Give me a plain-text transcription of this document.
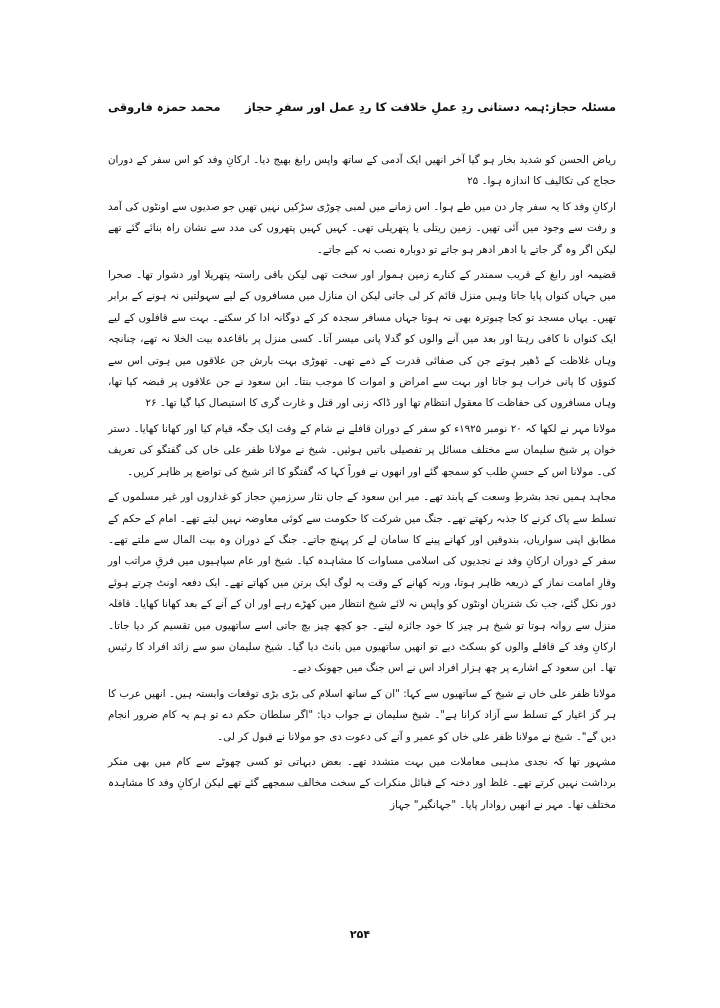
مسئلہ حجاز:ہمہ دستانی ردِ عملِ خلافت کا ردِ عمل اور سفرِ حجاز
محمد حمزہ فاروقی

ریاض الحسن کو شدید بخار ہو گیا آخر انھیں ایک آدمی کے ساتھ واپس رابغ بھیج دیا۔ ارکانِ وفد کو اس سفر کے دوران حجاج کی تکالیف کا اندازہ ہوا۔ ۲۵

ارکانِ وفد کا یہ سفر چار دن میں طے ہوا۔ اس زمانے میں لمبی چوڑی سڑکیں نہیں تھیں جو صدیوں سے اونٹوں کی آمد و رفت سے وجود میں آئی تھیں۔ زمین ریتلی یا پتھریلی تھی۔ کہیں کہیں پتھروں کی مدد سے نشان راہ بنائے گئے تھے لیکن اگر وہ گر جاتے یا ادھر ادھر ہو جاتے تو دوبارہ نصب نہ کیے جاتے۔

قضیمہ اور رابغ کے قریب سمندر کے کنارے زمین ہموار اور سخت تھی لیکن باقی راستہ پتھریلا اور دشوار تھا۔ صحرا میں جہاں کنواں پایا جاتا وہیں منزل قائم کر لی جاتی لیکن ان منازل میں مسافروں کے لیے سہولتیں نہ ہونے کے برابر تھیں۔ یہاں مسجد تو کجا چبوترہ بھی نہ ہوتا جہاں مسافر سجدہ کر کے دوگانہ ادا کر سکتے۔ بہت سے قافلوں کے لیے ایک کنواں نا کافی رہتا اور بعد میں آنے والوں کو گدلا پانی میسر آتا۔ کسی منزل پر باقاعدہ بیت الخلا نہ تھے، چنانچہ وہاں غلاظت کے ڈھیر ہوتے جن کی صفائی قدرت کے ذمے تھی۔ تھوڑی بہت بارش جن علاقوں میں ہوتی اس سے کنوؤں کا پانی خراب ہو جاتا اور بہت سے امراض و اموات کا موجب بنتا۔ ابن سعود نے جن علاقوں پر قبضہ کیا تھا، وہاں مسافروں کی حفاظت کا معقول انتظام تھا اور ڈاکہ زنی اور قتل و غارت گری کا استیصال کیا گیا تھا۔ ۲۶

مولانا مہر نے لکھا کہ ۲۰ نومبر ۱۹۲۵ء کو سفر کے دوران قافلے نے شام کے وقت ایک جگہ قیام کیا اور کھانا کھایا۔ دستر خوان پر شیخ سلیمان سے مختلف مسائل پر تفصیلی باتیں ہوئیں۔ شیخ نے مولانا ظفر علی خاں کی گفتگو کی تعریف کی۔ مولانا اس کے حسنِ طلب کو سمجھ گئے اور انھوں نے فوراً کہا کہ گفتگو کا اثر شیخ کی تواضع پر ظاہر کریں۔

مجاہد ہمیں نجد بشرطِ وسعت کے پابند تھے۔ میر ابن سعود کے جاں نثار سرزمینِ حجاز کو غداروں اور غیر مسلموں کے تسلط سے پاک کرنے کا جذبہ رکھتے تھے۔ جنگ میں شرکت کا حکومت سے کوئی معاوضہ نہیں لیتے تھے۔ امام کے حکم کے مطابق اپنی سواریاں، بندوقیں اور کھانے پینے کا سامان لے کر پہنچ جاتے۔ جنگ کے دوران وہ بیت المال سے ملتے تھے۔ سفر کے دوران ارکانِ وفد نے نجدیوں کی اسلامی مساوات کا مشاہدہ کیا۔ شیخ اور عام سپاہیوں میں فرقِ مراتب اور وقارِ امامت نماز کے ذریعہ ظاہر ہوتا، ورنہ کھانے کے وقت یہ لوگ ایک برتن میں کھاتے تھے۔ ایک دفعہ اونٹ چرتے ہوئے دور نکل گئے، جب تک شتربان اونٹوں کو واپس نہ لائے شیخ انتظار میں کھڑے رہے اور ان کے آنے کے بعد کھانا کھایا۔ قافلہ منزل سے روانہ ہوتا تو شیخ ہر چیز کا خود جائزہ لیتے۔ جو کچھ چیز بچ جاتی اسے ساتھیوں میں تقسیم کر دیا جاتا۔ ارکانِ وفد کے قافلے والوں کو بسکٹ دیے تو انھیں ساتھیوں میں بانٹ دیا گیا۔ شیخ سلیمان سو سے زائد افراد کا رئیس تھا۔ ابن سعود کے اشارے پر چھ ہزار افراد اس نے اس جنگ میں جھونک دیے۔

مولانا ظفر علی خاں نے شیخ کے ساتھیوں سے کہا: "ان کے ساتھ اسلام کی بڑی بڑی توقعات وابستہ ہیں۔ انھیں عرب کا ہر گز اغیار کے تسلط سے آزاد کرانا ہے"۔ شیخ سلیمان نے جواب دیا: "اگر سلطان حکم دے تو ہم یہ کام ضرور انجام دیں گے"۔ شیخ نے مولانا ظفر علی خاں کو عمیر و آنے کی دعوت دی جو مولانا نے قبول کر لی۔

مشہور تھا کہ نجدی مذہبی معاملات میں بہت متشدد تھے۔ بعض دیہاتی تو کسی چھوٹے سے کام میں بھی منکر برداشت نہیں کرتے تھے۔ غلظ اور دخنہ کے قبائل منکرات کے سخت مخالف سمجھے گئے تھے لیکن ارکانِ وفد کا مشاہدہ مختلف تھا۔ مہر نے انھیں روادار پایا۔ "جہانگیر" جہاز

۲۵۴
